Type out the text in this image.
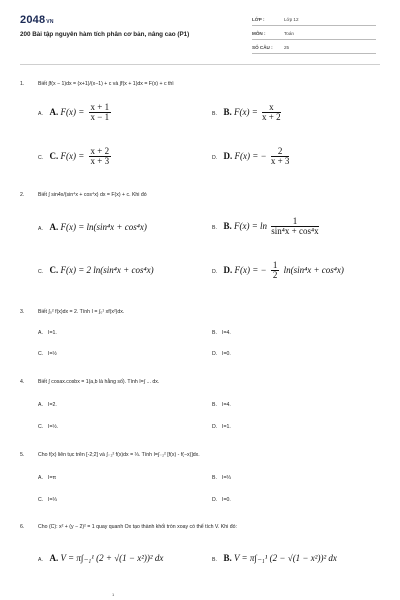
2048VN
200 Bài tập nguyên hàm tích phân cơ bản, nâng cao (P1)
LỚP :	Lớp 12
MÔN :	Toán
SỐ CÂU : 25
1.	Biết ∫f(x − 1)dx = (x+1)/(x−1) + c và ∫f(x + 1)dx = F(x) + c thì
A. A. $F(x) = \frac{x + 1}{x - 1}$	B. B. $F(x) = \frac{x}{x + 2}$
C. C. $F(x) = \frac{x + 2}{x + 3}$	D. D. F(x) = − $\frac{2}{x + 3}$
2.	Biết ∫ sin4x/(sin⁴x + cos⁴x) dx = F(x) + c. Khi đó
A. A. F(x) = ln(sin⁴x + cos⁴x)	B. B. $F(x) = \ln \frac{1}{\text{sin⁴x + cos⁴x}}$
C. C. F(x) = 2 ln(sin⁴x + cos⁴x)	D. D. F(x) = − $\frac{1}{2} \ln(\sin^4x + \cos^4x)$
3.	Biết ∫₀² f(x)dx = 2. Tính I = ∫₀¹ xf(x²)dx.
A. I=1.	B. I=4.
C. I=½	D. I=0.
4.	Biết ∫ cosax.cosbx = 1(a,b là hằng số). Tính I=∫ ... dx.
A. I=2.	B. I=4.
C. I=½.	D. I=1.
5.	Cho f(x) liên tục trên [-2;2] và ∫₋₂² f(x)dx = ⅓. Tính I=∫₋₂² [f(x) - f(−x)]dx.
A. I=π	B. I=⅔
C. I=⅓	D. I=0.
6.	Cho (C): x² + (y − 2)² = 1 quay quanh Ox tạo thành khối tròn xoay có thể tích V. Khi đó:
A. A. V = π∫₋₁¹ (2 + √(1 − x²))² dx	B. B. V = π∫₋₁¹ (2 − √(1 − x²))² dx
1
